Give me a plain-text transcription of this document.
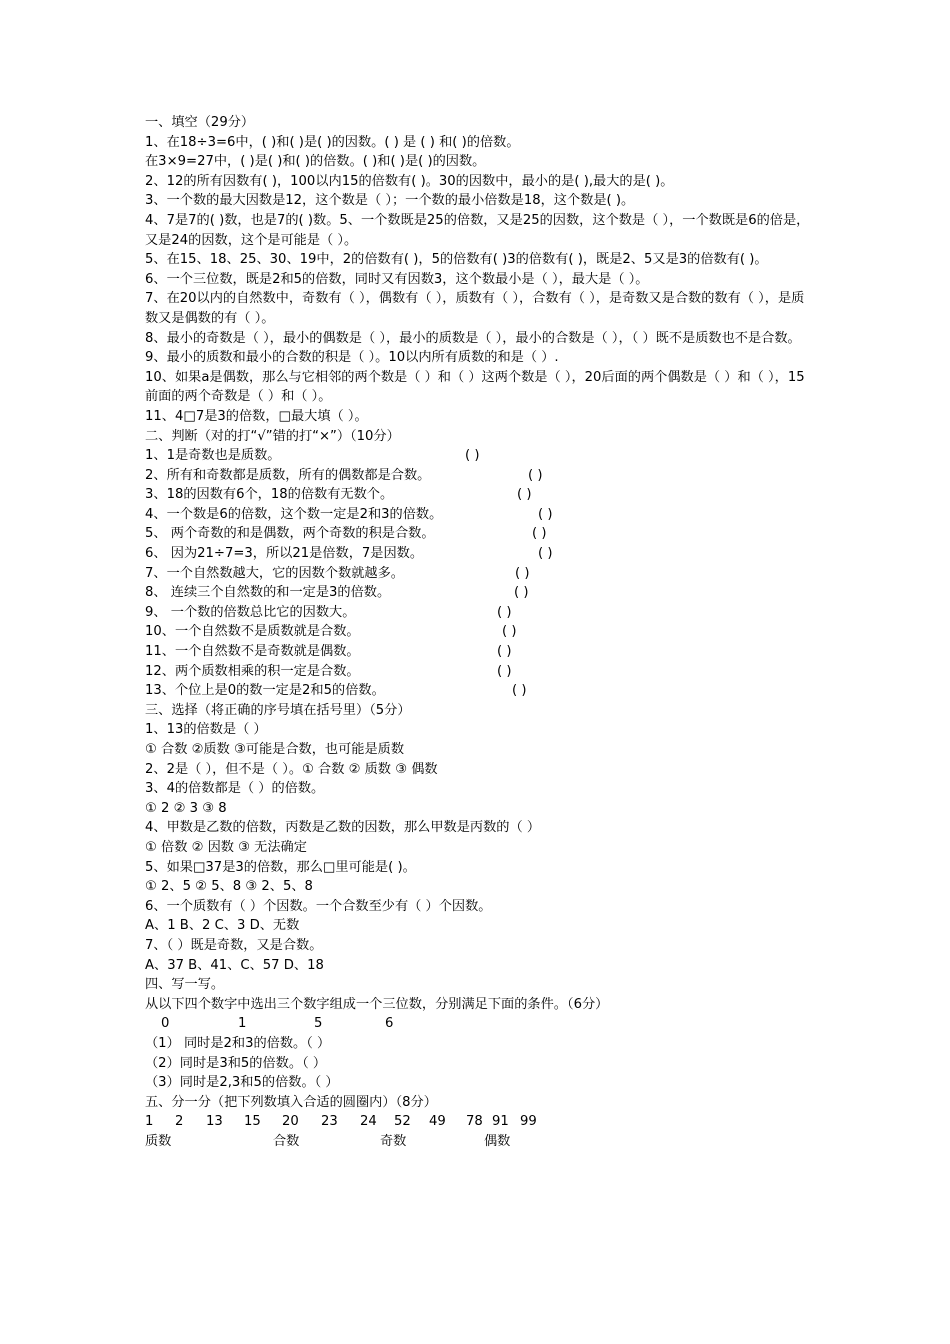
一、填空（29分）
1、在18÷3=6中，( )和( )是( )的因数。( ) 是 ( ) 和( )的倍数。
在3×9=27中，( )是( )和( )的倍数。( )和( )是( )的因数。
2、12的所有因数有( )，100以内15的倍数有( )。30的因数中，最小的是( ),最大的是( )。
3、一个数的最大因数是12，这个数是（ ）；一个数的最小倍数是18，这个数是( )。
4、7是7的( )数，也是7的( )数。5、一个数既是25的倍数，又是25的因数，这个数是（ ），一个数既是6的倍是，又是24的因数，这个是可能是（ ）。
5、在15、18、25、30、19中，2的倍数有( )，5的倍数有( )3的倍数有( )，既是2、5又是3的倍数有( )。
6、一个三位数，既是2和5的倍数，同时又有因数3，这个数最小是（ ），最大是（ ）。
7、在20以内的自然数中，奇数有（ ），偶数有（ ），质数有（ ），合数有（ ），是奇数又是合数的数有（ ），是质数又是偶数的有（ ）。
8、最小的奇数是（ ），最小的偶数是（ ），最小的质数是（ ），最小的合数是（ ），（ ）既不是质数也不是合数。
9、最小的质数和最小的合数的积是（ ）。10以内所有质数的和是（ ）.
10、如果a是偶数，那么与它相邻的两个数是（ ）和（ ）这两个数是（ ），20后面的两个偶数是（ ）和（ ），15前面的两个奇数是（ ）和（ ）。
11、4□7是3的倍数，□最大填（ ）。
二、判断（对的打“√”错的打“×”）（10分）
1、1是奇数也是质数。	( )
2、所有和奇数都是质数，所有的偶数都是合数。	( )
3、18的因数有6个，18的倍数有无数个。	( )
4、一个数是6的倍数，这个数一定是2和3的倍数。	( )
5、 两个奇数的和是偶数，两个奇数的积是合数。	( )
6、 因为21÷7=3，所以21是倍数，7是因数。	( )
7、一个自然数越大，它的因数个数就越多。	( )
8、 连续三个自然数的和一定是3的倍数。	( )
9、 一个数的倍数总比它的因数大。	( )
10、一个自然数不是质数就是合数。	( )
11、一个自然数不是奇数就是偶数。	( )
12、两个质数相乘的积一定是合数。	( )
13、个位上是0的数一定是2和5的倍数。	( )
三、选择（将正确的序号填在括号里）（5分）
1、13的倍数是（ ）
① 合数 ②质数 ③可能是合数，也可能是质数
2、2是（ ），但不是（ ）。① 合数 ② 质数 ③ 偶数
3、4的倍数都是（ ）的倍数。
① 2 ② 3 ③ 8
4、甲数是乙数的倍数，丙数是乙数的因数，那么甲数是丙数的（ ）
① 倍数 ② 因数 ③ 无法确定
5、如果□37是3的倍数，那么□里可能是( )。
① 2、5 ② 5、8 ③ 2、5、8
6、一个质数有（ ）个因数。一个合数至少有（ ）个因数。
A、1 B、2 C、3 D、无数
7、（ ）既是奇数，又是合数。
A、37 B、41、C、57 D、18
四、写一写。
从以下四个数字中选出三个数字组成一个三位数，分别满足下面的条件。（6分）
0	1	5	6
（1） 同时是2和3的倍数。（ ）
（2）同时是3和5的倍数。（ ）
（3）同时是2,3和5的倍数。（ ）
五、分一分（把下列数填入合适的圆圈内）（8分）
1	2	13	15	20	23	24	52	49	78 91 99
质数	合数	奇数	偶数
